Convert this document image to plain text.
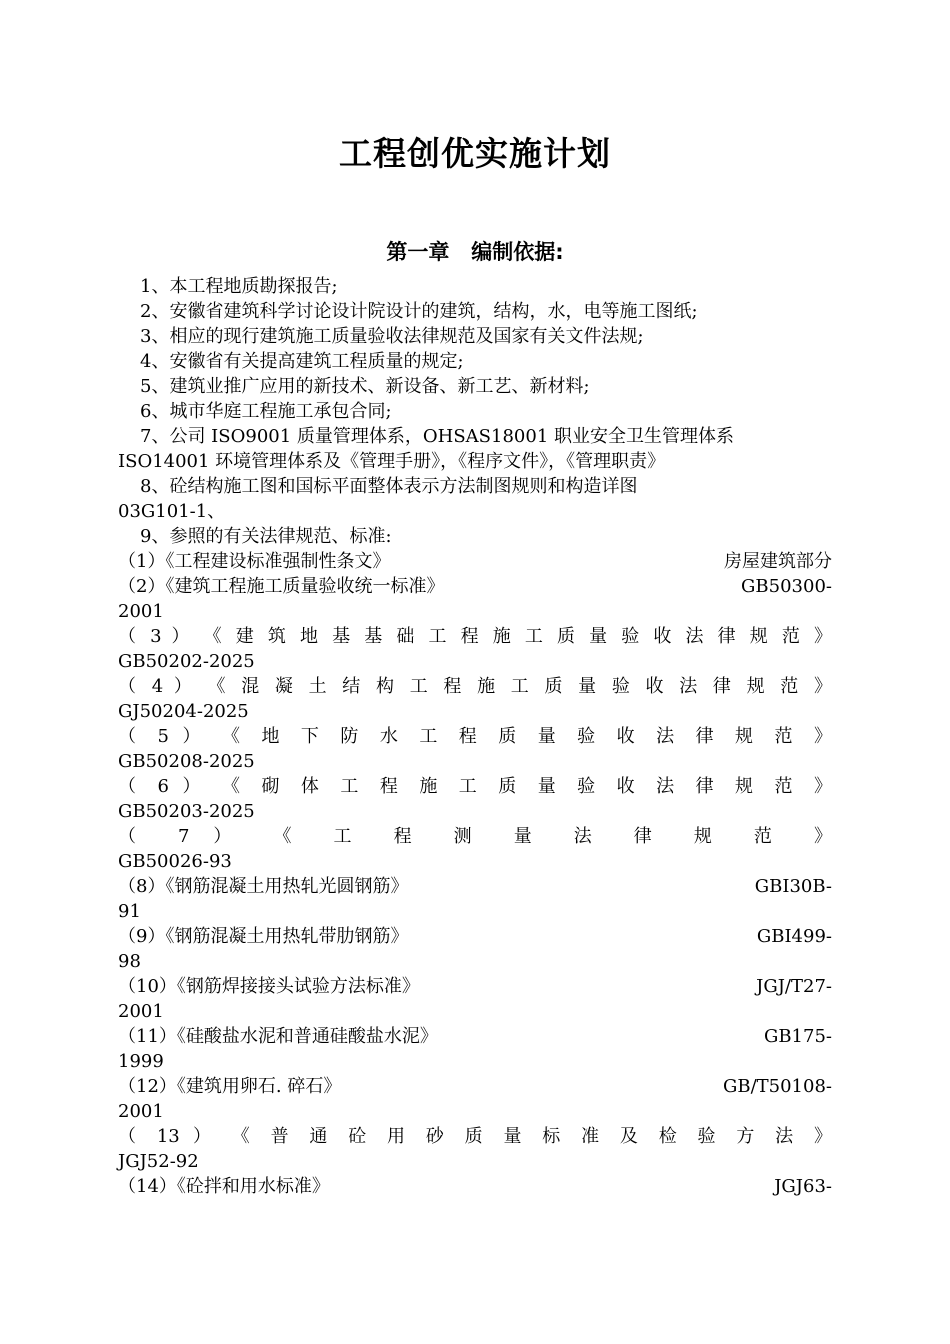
工程创优实施计划
第一章   编制依据:
1、本工程地质勘探报告;
2、安徽省建筑科学讨论设计院设计的建筑，结构，水，电等施工图纸;
3、相应的现行建筑施工质量验收法律规范及国家有关文件法规;
4、安徽省有关提高建筑工程质量的规定;
5、建筑业推广应用的新技术、新设备、新工艺、新材料;
6、城市华庭工程施工承包合同;
7、公司 ISO9001 质量管理体系，OHSAS18001 职业安全卫生管理体系
ISO14001 环境管理体系及《管理手册》，《程序文件》，《管理职责》
8、砼结构施工图和国标平面整体表示方法制图规则和构造详图
03G101-1、
9、参照的有关法律规范、标准:
（1）《工程建设标准强制性条文》	房屋建筑部分
（2）《建筑工程施工质量验收统一标准》	GB50300-
2001
（ 3 ） 《 建 筑 地 基 基 础 工 程 施 工 质 量 验 收 法 律 规 范 》
GB50202-2025
（ 4 ） 《 混 凝 土 结 构 工 程 施 工 质 量 验 收 法 律 规 范 》
GJ50204-2025
（ 5 ） 《 地 下 防 水 工 程 质 量 验 收 法 律 规 范 》
GB50208-2025
（ 6 ） 《 砌 体 工 程 施 工 质 量 验 收 法 律 规 范 》
GB50203-2025
（ 7 ） 《 工 程 测 量 法 律 规 范 》
GB50026-93
（8）《钢筋混凝土用热轧光圆钢筋》	GBI30B-
91
（9）《钢筋混凝土用热轧带肋钢筋》	GBI499-
98
（10）《钢筋焊接接头试验方法标准》	JGJ/T27-
2001
（11）《硅酸盐水泥和普通硅酸盐水泥》	GB175-
1999
（12）《建筑用卵石. 碎石》	GB/T50108-
2001
（ 13 ） 《 普 通 砼 用 砂 质 量 标 准 及 检 验 方 法 》
JGJ52-92
（14）《砼拌和用水标准》	JGJ63-
